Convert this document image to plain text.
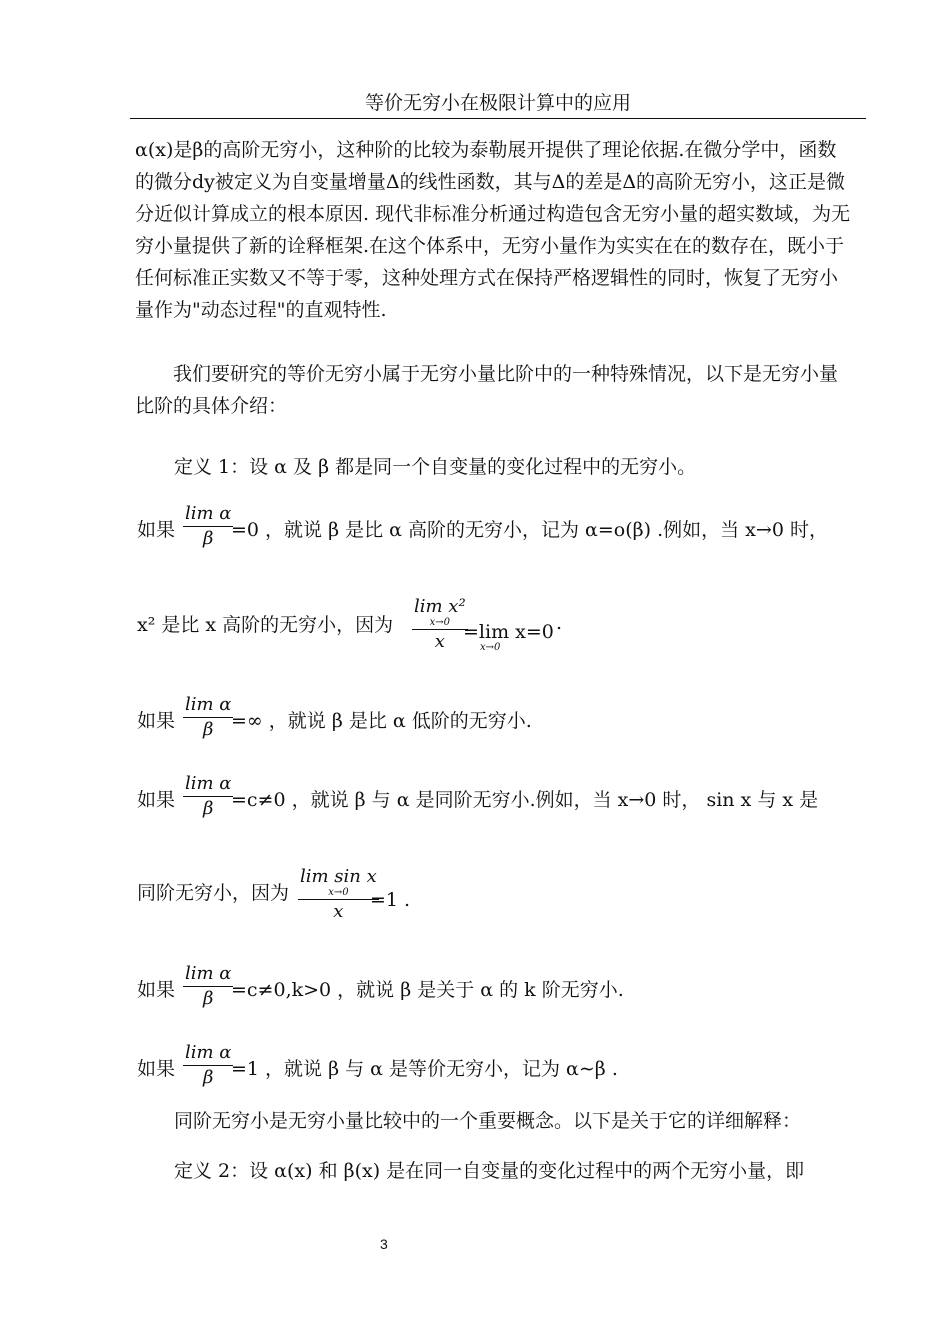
等价无穷小在极限计算中的应用

α(x)是β的高阶无穷小，这种阶的比较为泰勒展开提供了理论依据.在微分学中，函数的微分dy被定义为自变量增量Δ的线性函数，其与Δ的差是Δ的高阶无穷小，这正是微分近似计算成立的根本原因. 现代非标准分析通过构造包含无穷小量的超实数域，为无穷小量提供了新的诠释框架.在这个体系中，无穷小量作为实实在在的数存在，既小于任何标准正实数又不等于零，这种处理方式在保持严格逻辑性的同时，恢复了无穷小量作为"动态过程"的直观特性.

我们要研究的等价无穷小属于无穷小量比阶中的一种特殊情况，以下是无穷小量比阶的具体介绍：

定义 1：设 α 及 β 都是同一个自变量的变化过程中的无穷小。
如果
lim α
β =0 ，就说 β 是比 α 高阶的无穷小，记为 α=o(β) .例如，当 x→0 时，
x² 是比 x 高阶的无穷小，因为
lim x²
x→0
x =lim x=0
x→0
.
如果
lim α
β =∞ ，就说 β 是比 α 低阶的无穷小.
如果
lim α
β =c≠0 ，就说 β 与 α 是同阶无穷小.例如，当 x→0 时， sin x 与 x 是
同阶无穷小，因为
lim sin x
x→0
x
=1 .
如果
lim α
β =c≠0,k>0 ，就说 β 是关于 α 的 k 阶无穷小.
如果
lim α
β =1 ，就说 β 与 α 是等价无穷小，记为 α∼β .
同阶无穷小是无穷小量比较中的一个重要概念。以下是关于它的详细解释：
定义 2：设 α(x) 和 β(x) 是在同一自变量的变化过程中的两个无穷小量，即
3
